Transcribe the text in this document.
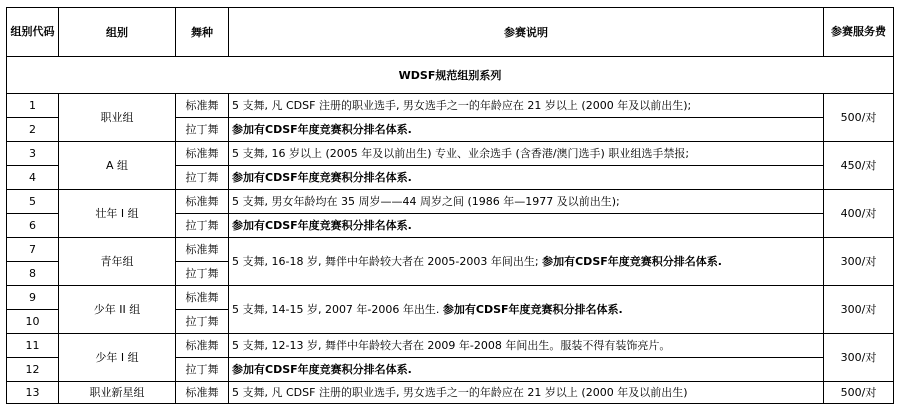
组别代码	组别	舞种	参赛说明	参赛服务费
WDSF规范组别系列				
1	职业组	标准舞	5 支舞, 凡 CDSF 注册的职业选手, 男女选手之一的年龄应在 21 岁以上 (2000 年及以前出生);	500/对
2		拉丁舞	参加有CDSF年度竞赛积分排名体系.	
3	A 组	标准舞	5 支舞, 16 岁以上 (2005 年及以前出生) 专业、业余选手 (含香港/澳门选手) 职业组选手禁报;	450/对
4		拉丁舞	参加有CDSF年度竞赛积分排名体系.	
5	壮年 I 组	标准舞	5 支舞, 男女年龄均在 35 周岁——44 周岁之间 (1986 年—1977 及以前出生);	400/对
6		拉丁舞	参加有CDSF年度竞赛积分排名体系.	
7	青年组	标准舞	5 支舞, 16-18 岁, 舞伴中年龄较大者在 2005-2003 年间出生; 参加有CDSF年度竞赛积分排名体系.	300/对
8		拉丁舞		
9	少年 II 组	标准舞	5 支舞, 14-15 岁, 2007 年-2006 年出生. 参加有CDSF年度竞赛积分排名体系.	300/对
10		拉丁舞		
11	少年 I 组	标准舞	5 支舞, 12-13 岁, 舞伴中年龄较大者在 2009 年-2008 年间出生。服装不得有装饰亮片。	300/对
12		拉丁舞	参加有CDSF年度竞赛积分排名体系.	
13	职业新星组	标准舞	5 支舞, 凡 CDSF 注册的职业选手, 男女选手之一的年龄应在 21 岁以上 (2000 年及以前出生)	500/对
